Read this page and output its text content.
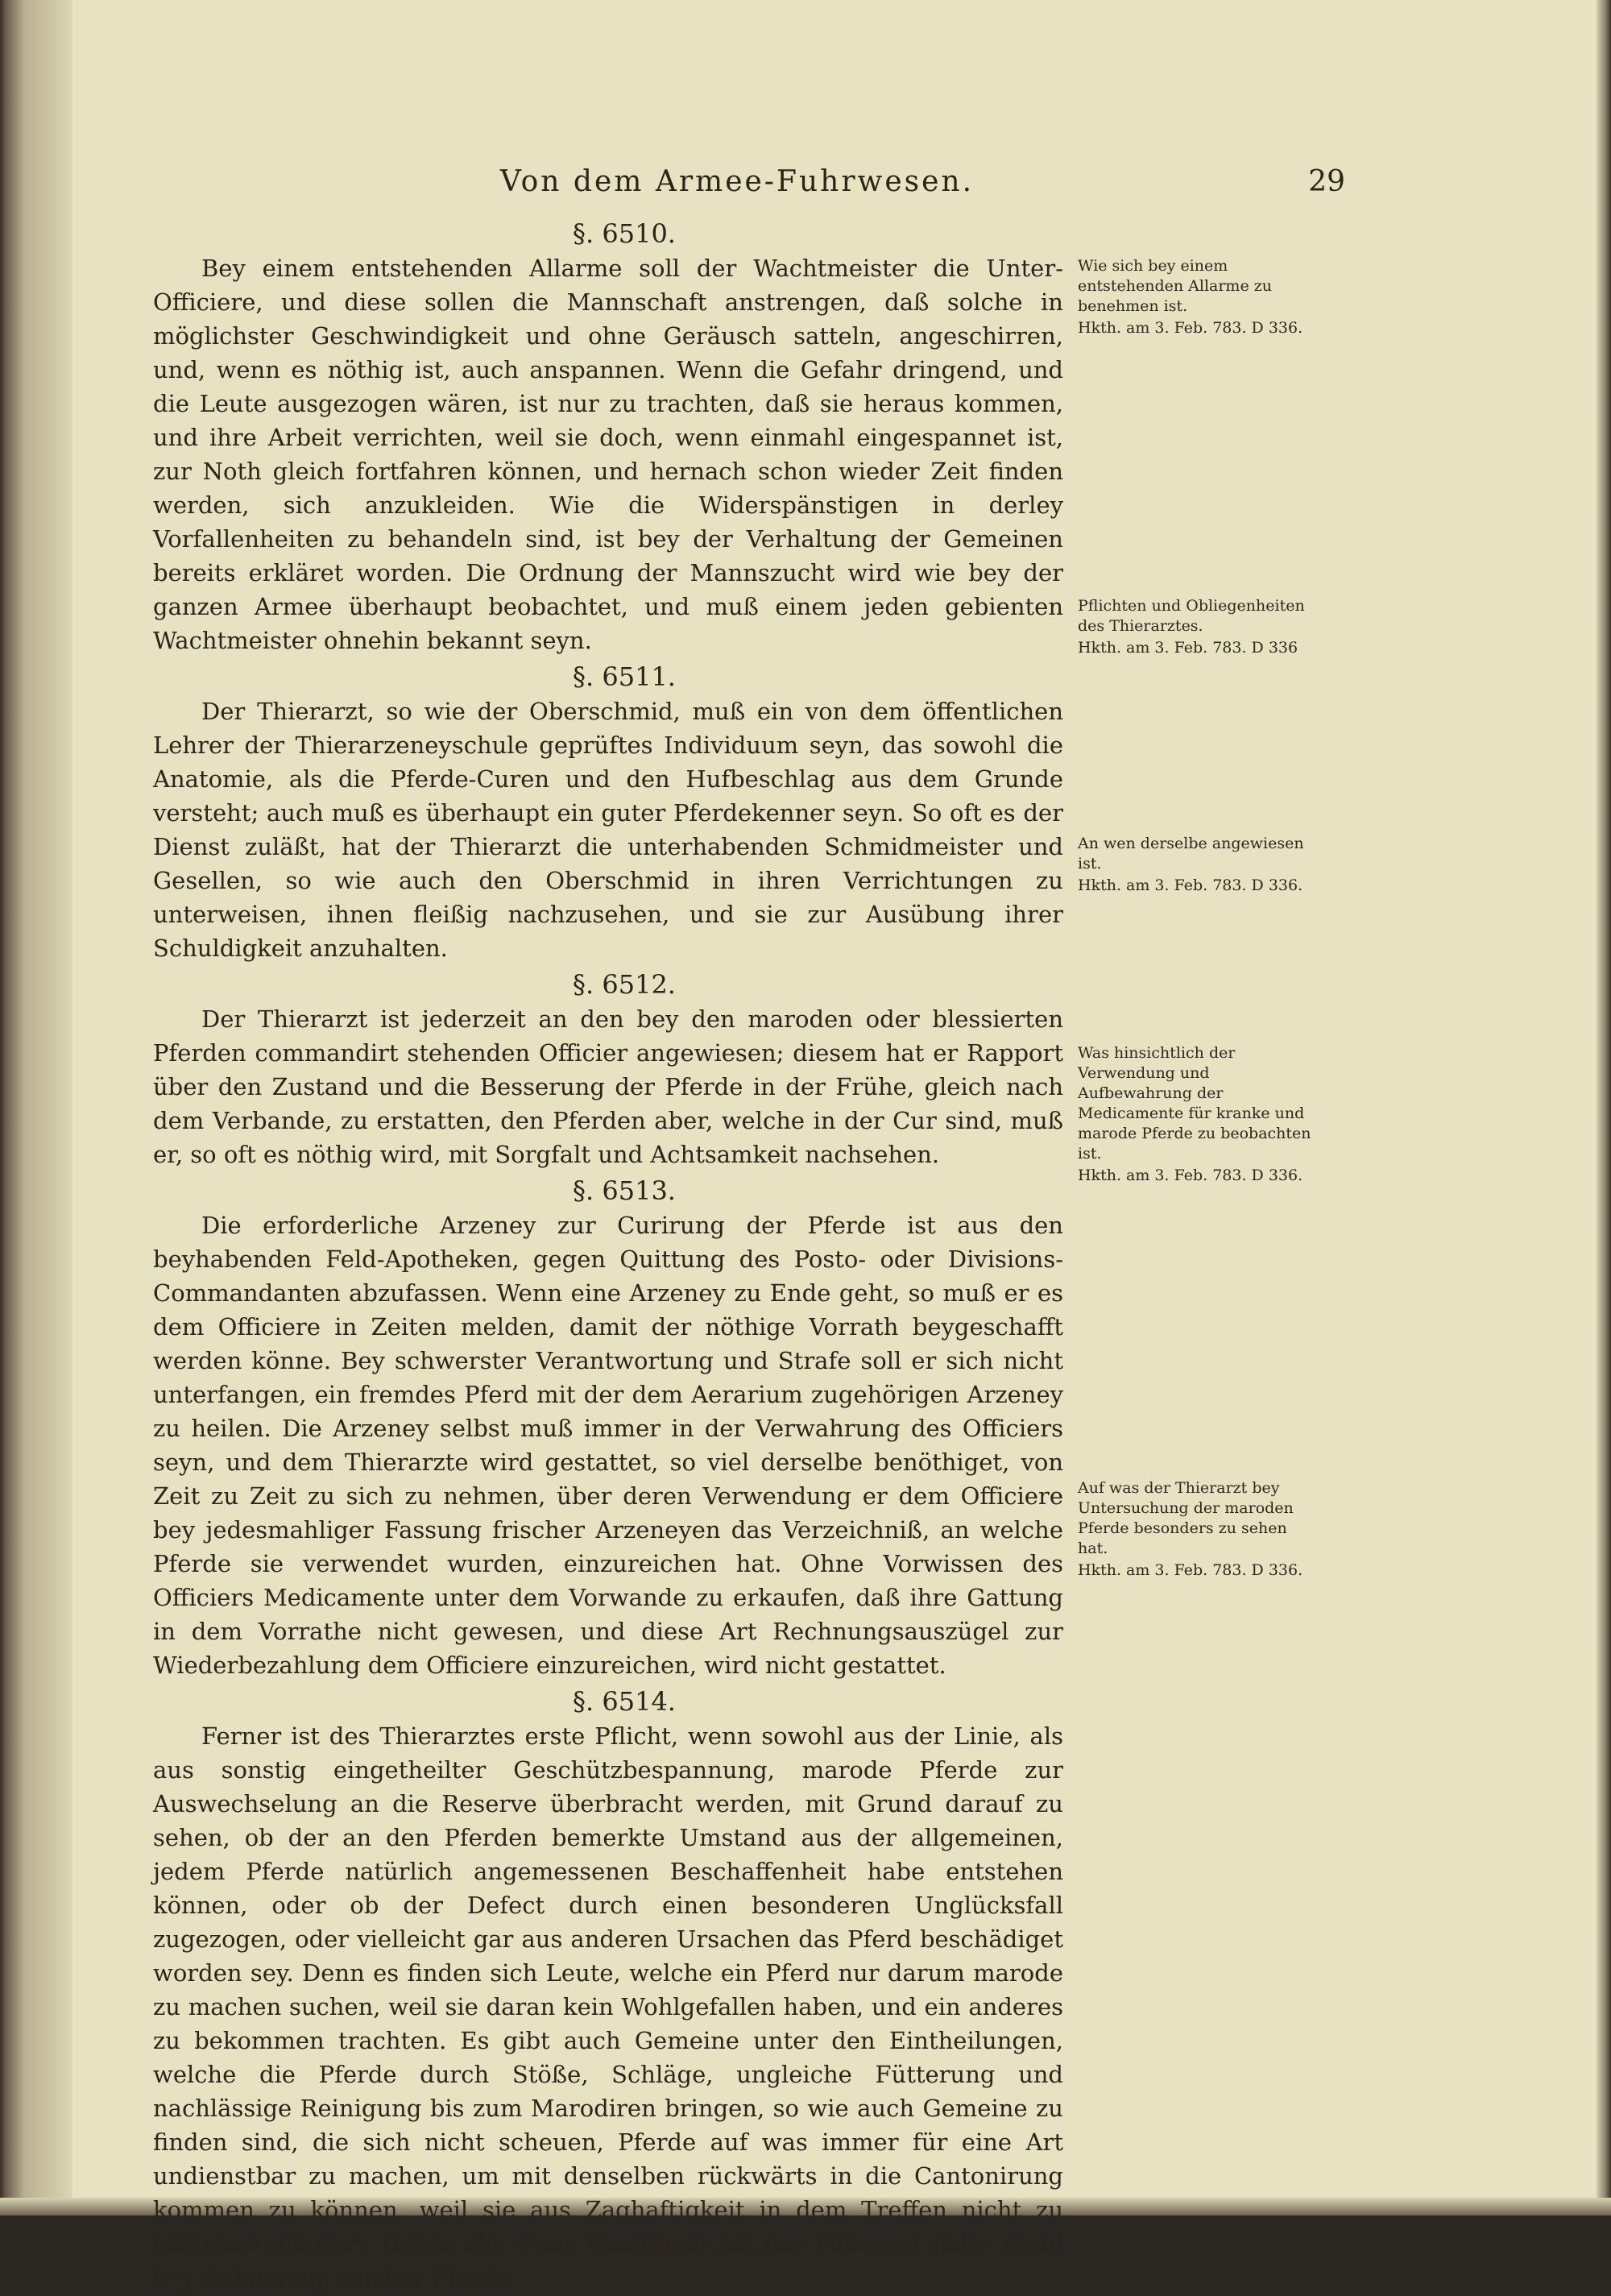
Von dem Armee-Fuhrwesen.	29

§. 6510.

Bey einem entstehenden Allarme soll der Wachtmeister die Unter-Officiere, und diese sollen die Mannschaft anstrengen, daß solche in möglichster Geschwindigkeit und ohne Geräusch satteln, angeschirren, und, wenn es nöthig ist, auch anspannen. Wenn die Gefahr dringend, und die Leute ausgezogen wären, ist nur zu trachten, daß sie heraus kommen, und ihre Arbeit verrichten, weil sie doch, wenn einmahl eingespannet ist, zur Noth gleich fortfahren können, und hernach schon wieder Zeit finden werden, sich anzukleiden. Wie die Widerspänstigen in derley Vorfallenheiten zu behandeln sind, ist bey der Verhaltung der Gemeinen bereits erkläret worden. Die Ordnung der Mannszucht wird wie bey der ganzen Armee überhaupt beobachtet, und muß einem jeden gebienten Wachtmeister ohnehin bekannt seyn.

§. 6511.

Der Thierarzt, so wie der Oberschmid, muß ein von dem öffentlichen Lehrer der Thierarzeneyschule geprüftes Individuum seyn, das sowohl die Anatomie, als die Pferde-Curen und den Hufbeschlag aus dem Grunde versteht; auch muß es überhaupt ein guter Pferdekenner seyn. So oft es der Dienst zuläßt, hat der Thierarzt die unterhabenden Schmidmeister und Gesellen, so wie auch den Oberschmid in ihren Verrichtungen zu unterweisen, ihnen fleißig nachzusehen, und sie zur Ausübung ihrer Schuldigkeit anzuhalten.

§. 6512.

Der Thierarzt ist jederzeit an den bey den maroden oder blessierten Pferden commandirt stehenden Officier angewiesen; diesem hat er Rapport über den Zustand und die Besserung der Pferde in der Frühe, gleich nach dem Verbande, zu erstatten, den Pferden aber, welche in der Cur sind, muß er, so oft es nöthig wird, mit Sorgfalt und Achtsamkeit nachsehen.

§. 6513.

Die erforderliche Arzeney zur Curirung der Pferde ist aus den beyhabenden Feld-Apotheken, gegen Quittung des Posto- oder Divisions-Commandanten abzufassen. Wenn eine Arzeney zu Ende geht, so muß er es dem Officiere in Zeiten melden, damit der nöthige Vorrath beygeschafft werden könne. Bey schwerster Verantwortung und Strafe soll er sich nicht unterfangen, ein fremdes Pferd mit der dem Aerarium zugehörigen Arzeney zu heilen. Die Arzeney selbst muß immer in der Verwahrung des Officiers seyn, und dem Thierarzte wird gestattet, so viel derselbe benöthiget, von Zeit zu Zeit zu sich zu nehmen, über deren Verwendung er dem Officiere bey jedesmahliger Fassung frischer Arzeneyen das Verzeichniß, an welche Pferde sie verwendet wurden, einzureichen hat. Ohne Vorwissen des Officiers Medicamente unter dem Vorwande zu erkaufen, daß ihre Gattung in dem Vorrathe nicht gewesen, und diese Art Rechnungsauszügel zur Wiederbezahlung dem Officiere einzureichen, wird nicht gestattet.

§. 6514.

Ferner ist des Thierarztes erste Pflicht, wenn sowohl aus der Linie, als aus sonstig eingetheilter Geschützbespannung, marode Pferde zur Auswechselung an die Reserve überbracht werden, mit Grund darauf zu sehen, ob der an den Pferden bemerkte Umstand aus der allgemeinen, jedem Pferde natürlich angemessenen Beschaffenheit habe entstehen können, oder ob der Defect durch einen besonderen Unglücksfall zugezogen, oder vielleicht gar aus anderen Ursachen das Pferd beschädiget worden sey. Denn es finden sich Leute, welche ein Pferd nur darum marode zu machen suchen, weil sie daran kein Wohlgefallen haben, und ein anderes zu bekommen trachten. Es gibt auch Gemeine unter den Eintheilungen, welche die Pferde durch Stöße, Schläge, ungleiche Fütterung und nachlässige Reinigung bis zum Marodiren bringen, so wie auch Gemeine zu finden sind, die sich nicht scheuen, Pferde auf was immer für eine Art undienstbar zu machen, um mit denselben rückwärts in die Cantonirung kommen zu können, weil sie aus Zaghaftigkeit in dem Treffen nicht zu bestehen glauben. Ueber alle diese Umstände hat der Thierarzt jedes Mahl bey Anlangung solcher Pferde

Wie sich bey einem entstehenden Allarme zu benehmen ist.

Hkth. am 3. Feb. 783. D 336.

Pflichten und Obliegenheiten des Thierarztes.

Hkth. am 3. Feb. 783. D 336

An wen derselbe angewiesen ist.

Hkth. am 3. Feb. 783. D 336.

Was hinsichtlich der Verwendung und Aufbewahrung der Medicamente für kranke und marode Pferde zu beobachten ist.

Hkth. am 3. Feb. 783. D 336.

Auf was der Thierarzt bey Untersuchung der maroden Pferde besonders zu sehen hat.

Hkth. am 3. Feb. 783. D 336.
